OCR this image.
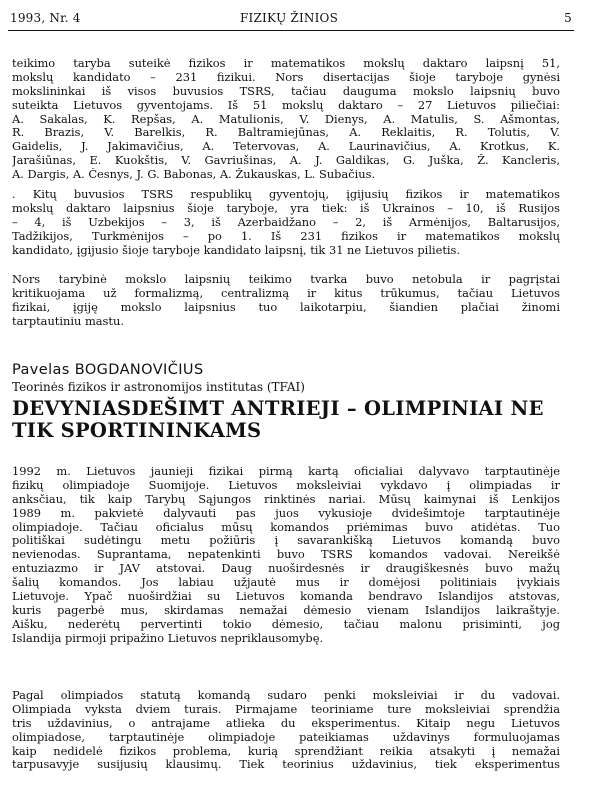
1993, Nr. 4	FIZIKŲ ŽINIOS	5
teikimo taryba suteikė fizikos ir matematikos mokslų daktaro laipsnį 51,
mokslų kandidato – 231 fizikui. Nors disertacijas šioje taryboje gynėsi
mokslininkai iš visos buvusios TSRS, tačiau dauguma mokslo laipsnių buvo
suteikta Lietuvos gyventojams. Iš 51 mokslų daktaro – 27 Lietuvos piliečiai:
A. Sakalas, K. Repšas, A. Matulionis, V. Dienys, A. Matulis, S. Ašmontas,
R. Brazis, V. Barelkis, R. Baltramiejūnas, A. Reklaitis, R. Tolutis, V.
Gaidelis, J. Jakimavičius, A. Tetervovas, A. Laurinavičius, A. Krotkus, K.
Jarašiūnas, E. Kuokštis, V. Gavriušinas, A. J. Galdikas, G. Juška, Ž. Kancleris,
A. Dargis, A. Česnys, J. G. Babonas, A. Žukauskas, L. Subačius.
. Kitų buvusios TSRS respublikų gyventojų, įgijusių fizikos ir matematikos
mokslų daktaro laipsnius šioje taryboje, yra tiek: iš Ukrainos – 10, iš Rusijos
– 4, iš Uzbekijos – 3, iš Azerbaidžano – 2, iš Armėnijos, Baltarusijos,
Tadžikijos, Turkmėnijos – po 1. Iš 231 fizikos ir matematikos mokslų
kandidato, įgijusio šioje taryboje kandidato laipsnį, tik 31 ne Lietuvos pilietis.
Nors tarybinė mokslo laipsnių teikimo tvarka buvo netobula ir pagrįstai
kritikuojama už formalizmą, centralizmą ir kitus trūkumus, tačiau Lietuvos
fizikai, įgiję mokslo laipsnius tuo laikotarpiu, šiandien plačiai žinomi
tarptautiniu mastu.
Pavelas BOGDANOVIČIUS
Teorinės fizikos ir astronomijos institutas (TFAI)
DEVYNIASDEŠIMT ANTRIEJI – OLIMPINIAI NE
TIK SPORTININKAMS
1992 m. Lietuvos jaunieji fizikai pirmą kartą oficialiai dalyvavo tarptautinėje
fizikų olimpiadoje Suomijoje. Lietuvos moksleiviai vykdavo į olimpiadas ir
anksčiau, tik kaip Tarybų Sąjungos rinktinės nariai. Mūsų kaimynai iš Lenkijos
1989 m. pakvietė dalyvauti pas juos vykusioje dvidešimtoje tarptautinėje
olimpiadoje. Tačiau oficialus mūsų komandos priėmimas buvo atidėtas. Tuo
politiškai sudėtingu metu požiūris į savarankišką Lietuvos komandą buvo
nevienodas. Suprantama, nepatenkinti buvo TSRS komandos vadovai. Nereikšė
entuziazmo ir JAV atstovai. Daug nuoširdesnės ir draugiškesnės buvo mažų
šalių komandos. Jos labiau užjautė mus ir domėjosi politiniais įvykiais
Lietuvoje. Ypač nuoširdžiai su Lietuvos komanda bendravo Islandijos atstovas,
kuris pagerbė mus, skirdamas nemažai dėmesio vienam Islandijos laikraštyje.
Aišku, nederėtų pervertinti tokio dėmesio, tačiau malonu prisiminti, jog
Islandija pirmoji pripažino Lietuvos nepriklausomybę.
Pagal olimpiados statutą komandą sudaro penki moksleiviai ir du vadovai.
Olimpiada vyksta dviem turais. Pirmajame teoriniame ture moksleiviai sprendžia
tris uždavinius, o antrajame atlieka du eksperimentus. Kitaip negu Lietuvos
olimpiadose, tarptautinėje olimpiadoje pateikiamas uždavinys formuluojamas
kaip nedidelė fizikos problema, kurią sprendžiant reikia atsakyti į nemažai
tarpusavyje susijusių klausimų. Tiek teorinius uždavinius, tiek eksperimentus
